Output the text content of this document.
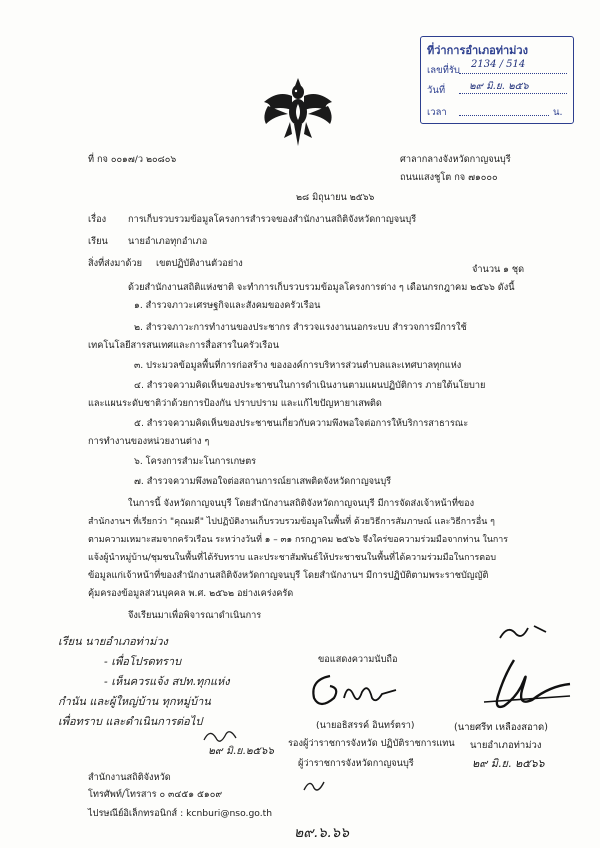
ที่ว่าการอำเภอท่าม่วง
เลขที่รับ
2134 / 514
วันที่ ๒๙ มิ.ย. ๒๕๖
เวลา	น.
ที่ กจ ๐๐๑๗/ว ๒๐๘๐๖	ศาลากลางจังหวัดกาญจนบุรี
ถนนแสงชูโต กจ ๗๑๐๐๐
๒๘ มิถุนายน ๒๕๖๖
เรื่อง การเก็บรวบรวมข้อมูลโครงการสำรวจของสำนักงานสถิติจังหวัดกาญจนบุรี
เรียน นายอำเภอทุกอำเภอ
สิ่งที่ส่งมาด้วย เขตปฏิบัติงานตัวอย่าง
จำนวน ๑ ชุด
ด้วยสำนักงานสถิติแห่งชาติ จะทำการเก็บรวบรวมข้อมูลโครงการต่าง ๆ เดือนกรกฎาคม ๒๕๖๖ ดังนี้
๑. สำรวจภาวะเศรษฐกิจและสังคมของครัวเรือน
๒. สำรวจภาวะการทำงานของประชากร สำรวจแรงงานนอกระบบ สำรวจการมีการใช้
เทคโนโลยีสารสนเทศและการสื่อสารในครัวเรือน
๓. ประมวลข้อมูลพื้นที่การก่อสร้าง ขององค์การบริหารส่วนตำบลและเทศบาลทุกแห่ง
๔. สำรวจความคิดเห็นของประชาชนในการดำเนินงานตามแผนปฏิบัติการ ภายใต้นโยบาย
และแผนระดับชาติว่าด้วยการป้องกัน ปราบปราม และแก้ไขปัญหายาเสพติด
๕. สำรวจความคิดเห็นของประชาชนเกี่ยวกับความพึงพอใจต่อการให้บริการสาธารณะ
การทำงานของหน่วยงานต่าง ๆ
๖. โครงการสำมะโนการเกษตร
๗. สำรวจความพึงพอใจต่อสถานการณ์ยาเสพติดจังหวัดกาญจนบุรี
ในการนี้ จังหวัดกาญจนบุรี โดยสำนักงานสถิติจังหวัดกาญจนบุรี มีการจัดส่งเจ้าหน้าที่ของ
สำนักงานฯ ที่เรียกว่า "คุณมดี" ไปปฏิบัติงานเก็บรวบรวมข้อมูลในพื้นที่ ด้วยวิธีการสัมภาษณ์ และวิธีการอื่น ๆ
ตามความเหมาะสมจากครัวเรือน ระหว่างวันที่ ๑ – ๓๑ กรกฎาคม ๒๕๖๖ จึงใคร่ขอความร่วมมือจากท่าน ในการ
แจ้งผู้นำหมู่บ้าน/ชุมชนในพื้นที่ได้รับทราบ และประชาสัมพันธ์ให้ประชาชนในพื้นที่ได้ความร่วมมือในการตอบ
ข้อมูลแก่เจ้าหน้าที่ของสำนักงานสถิติจังหวัดกาญจนบุรี โดยสำนักงานฯ มีการปฏิบัติตามพระราชบัญญัติ
คุ้มครองข้อมูลส่วนบุคคล พ.ศ. ๒๕๖๒ อย่างเคร่งครัด
จึงเรียนมาเพื่อพิจารณาดำเนินการ
เรียน นายอำเภอท่าม่วง
- เพื่อโปรดทราบ
- เห็นควรแจ้ง สปท.ทุกแห่ง
กำนัน และผู้ใหญ่บ้าน ทุกหมู่บ้าน
เพื่อทราบ และดำเนินการต่อไป
๒๙ มิ.ย.๒๕๖๖
ขอแสดงความนับถือ
(นายอธิสรรค์ อินทร์ตรา)
รองผู้ว่าราชการจังหวัด ปฏิบัติราชการแทน
ผู้ว่าราชการจังหวัดกาญจนบุรี
(นายศรีท เหลืองสอาด)
นายอำเภอท่าม่วง
๒๙ มิ.ย. ๒๕๖๖
สำนักงานสถิติจังหวัด
โทรศัพท์/โทรสาร ๐ ๓๔๕๑ ๕๑๐๙
ไปรษณีย์อิเล็กทรอนิกส์ : kcnburi@nso.go.th
๒๙.๖.๖๖
